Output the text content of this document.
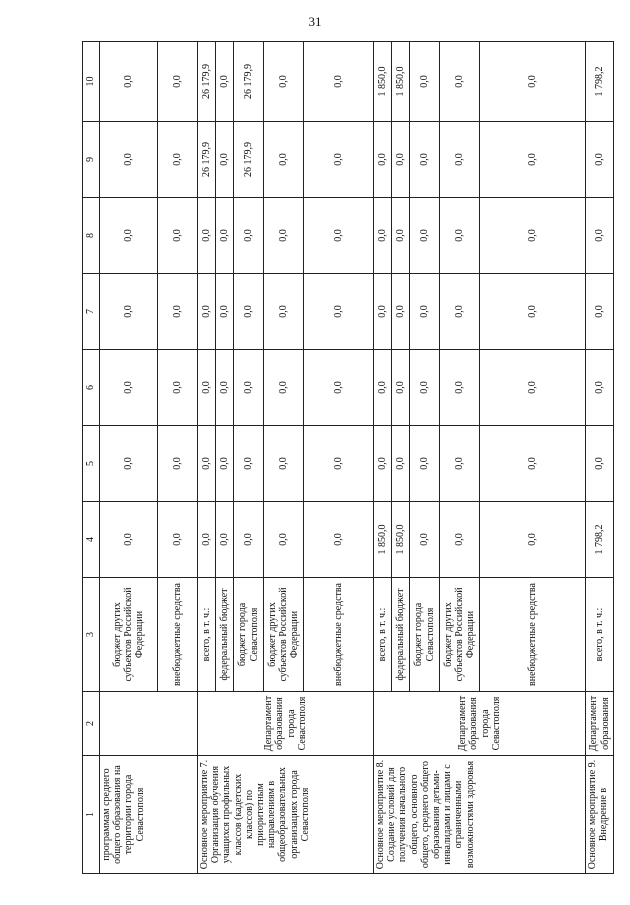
31
1	2	3	4	5	6	7	8	9	10
программам среднего общего образования на территории города Севастополя		бюджет других субъектов Российской Федерации	0,0	0,0	0,0	0,0	0,0	0,0	0,0
		внебюджетные средства	0,0	0,0	0,0	0,0	0,0	0,0	0,0
Основное мероприятие 7. Организация обучения учащихся профильных классов (кадетских классов) по приоритетным направлениям в общеобразовательных организациях города Севастополя	Департамент образования города Севастополя	всего, в т. ч.:	0,0	0,0	0,0	0,0	0,0	26 179,9	26 179,9
		федеральный бюджет	0,0	0,0	0,0	0,0	0,0	0,0	0,0
		бюджет города Севастополя	0,0	0,0	0,0	0,0	0,0	26 179,9	26 179,9
		бюджет других субъектов Российской Федерации	0,0	0,0	0,0	0,0	0,0	0,0	0,0
		внебюджетные средства	0,0	0,0	0,0	0,0	0,0	0,0	0,0
Основное мероприятие 8. Создание условий для получения начального общего, основного общего, среднего общего образования детьми-инвалидами и лицами с ограниченными возможностями здоровья	Департамент образования города Севастополя	всего, в т. ч.:	1 850,0	0,0	0,0	0,0	0,0	0,0	1 850,0
		федеральный бюджет	1 850,0	0,0	0,0	0,0	0,0	0,0	1 850,0
		бюджет города Севастополя	0,0	0,0	0,0	0,0	0,0	0,0	0,0
		бюджет других субъектов Российской Федерации	0,0	0,0	0,0	0,0	0,0	0,0	0,0
		внебюджетные средства	0,0	0,0	0,0	0,0	0,0	0,0	0,0
Основное мероприятие 9. Внедрение в	Департамент образования	всего, в т. ч.:	1 798,2	0,0	0,0	0,0	0,0	0,0	1 798,2
